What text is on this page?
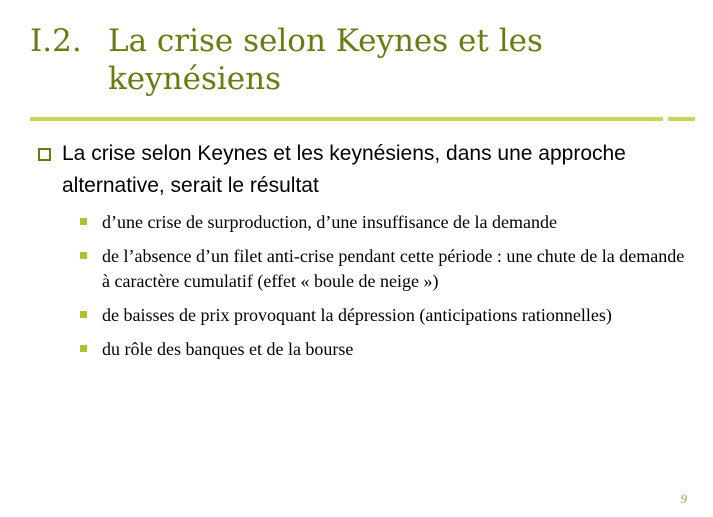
I.2. La crise selon Keynes et les
keynésiens
La crise selon Keynes et les keynésiens, dans une approche alternative, serait le résultat
d’une crise de surproduction, d’une insuffisance de la demande
de l’absence d’un filet anti-crise pendant cette période : une chute de la demande à caractère cumulatif (effet « boule de neige »)
de baisses de prix provoquant la dépression (anticipations rationnelles)
du rôle des banques et de la bourse
9
